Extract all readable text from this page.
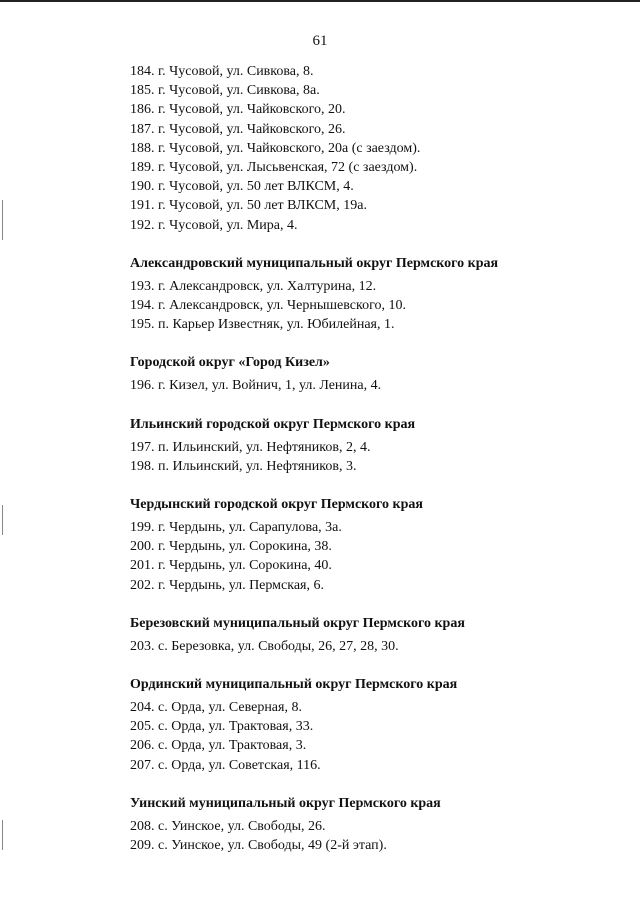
61
184. г. Чусовой, ул. Сивкова, 8.
185. г. Чусовой, ул. Сивкова, 8а.
186. г. Чусовой, ул. Чайковского, 20.
187. г. Чусовой, ул. Чайковского, 26.
188. г. Чусовой, ул. Чайковского, 20а (с заездом).
189. г. Чусовой, ул. Лысьвенская, 72 (с заездом).
190. г. Чусовой, ул. 50 лет ВЛКСМ, 4.
191. г. Чусовой, ул. 50 лет ВЛКСМ, 19а.
192. г. Чусовой, ул. Мира, 4.
Александровский муниципальный округ Пермского края
193. г. Александровск, ул. Халтурина, 12.
194. г. Александровск, ул. Чернышевского, 10.
195. п. Карьер Известняк, ул. Юбилейная, 1.
Городской округ «Город Кизел»
196. г. Кизел, ул. Войнич, 1, ул. Ленина, 4.
Ильинский городской округ Пермского края
197. п. Ильинский, ул. Нефтяников, 2, 4.
198. п. Ильинский, ул. Нефтяников, 3.
Чердынский городской округ Пермского края
199. г. Чердынь, ул. Сарапулова, 3а.
200. г. Чердынь, ул. Сорокина, 38.
201. г. Чердынь, ул. Сорокина, 40.
202. г. Чердынь, ул. Пермская, 6.
Березовский муниципальный округ Пермского края
203. с. Березовка, ул. Свободы, 26, 27, 28, 30.
Ординский муниципальный округ Пермского края
204. с. Орда, ул. Северная, 8.
205. с. Орда, ул. Трактовая, 33.
206. с. Орда, ул. Трактовая, 3.
207. с. Орда, ул. Советская, 116.
Уинский муниципальный округ Пермского края
208. с. Уинское, ул. Свободы, 26.
209. с. Уинское, ул. Свободы, 49 (2-й этап).
